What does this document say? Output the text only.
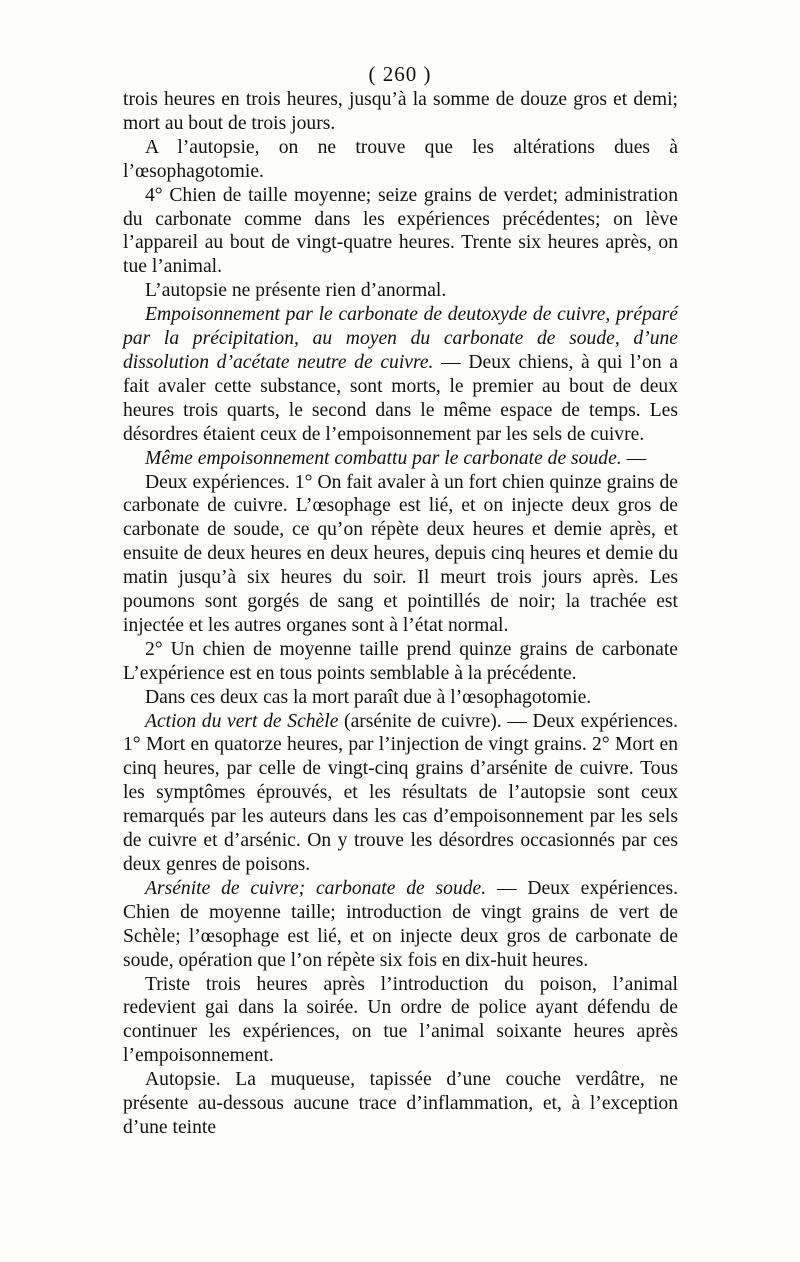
( 260 )

trois heures en trois heures, jusqu’à la somme de douze gros et demi; mort au bout de trois jours.

A l’autopsie, on ne trouve que les altérations dues à l’œsophagotomie.

4° Chien de taille moyenne; seize grains de verdet; administration du carbonate comme dans les expériences précédentes; on lève l’appareil au bout de vingt-quatre heures. Trente six heures après, on tue l’animal.

L’autopsie ne présente rien d’anormal.

Empoisonnement par le carbonate de deutoxyde de cuivre, préparé par la précipitation, au moyen du carbonate de soude, d’une dissolution d’acétate neutre de cuivre. — Deux chiens, à qui l’on a fait avaler cette substance, sont morts, le premier au bout de deux heures trois quarts, le second dans le même espace de temps. Les désordres étaient ceux de l’empoisonnement par les sels de cuivre.

Même empoisonnement combattu par le carbonate de soude. —

Deux expériences. 1° On fait avaler à un fort chien quinze grains de carbonate de cuivre. L’œsophage est lié, et on injecte deux gros de carbonate de soude, ce qu’on répète deux heures et demie après, et ensuite de deux heures en deux heures, depuis cinq heures et demie du matin jusqu’à six heures du soir. Il meurt trois jours après. Les poumons sont gorgés de sang et pointillés de noir; la trachée est injectée et les autres organes sont à l’état normal.

2° Un chien de moyenne taille prend quinze grains de carbonate L’expérience est en tous points semblable à la précédente.

Dans ces deux cas la mort paraît due à l’œsophagotomie.

Action du vert de Schèle (arsénite de cuivre). — Deux expériences. 1° Mort en quatorze heures, par l’injection de vingt grains. 2° Mort en cinq heures, par celle de vingt-cinq grains d’arsénite de cuivre. Tous les symptômes éprouvés, et les résultats de l’autopsie sont ceux remarqués par les auteurs dans les cas d’empoisonnement par les sels de cuivre et d’arsénic. On y trouve les désordres occasionnés par ces deux genres de poisons.

Arsénite de cuivre; carbonate de soude. — Deux expériences. Chien de moyenne taille; introduction de vingt grains de vert de Schèle; l’œsophage est lié, et on injecte deux gros de carbonate de soude, opération que l’on répète six fois en dix-huit heures.

Triste trois heures après l’introduction du poison, l’animal redevient gai dans la soirée. Un ordre de police ayant défendu de continuer les expériences, on tue l’animal soixante heures après l’empoisonnement.

Autopsie. La muqueuse, tapissée d’une couche verdâtre, ne présente au-dessous aucune trace d’inflammation, et, à l’exception d’une teinte
